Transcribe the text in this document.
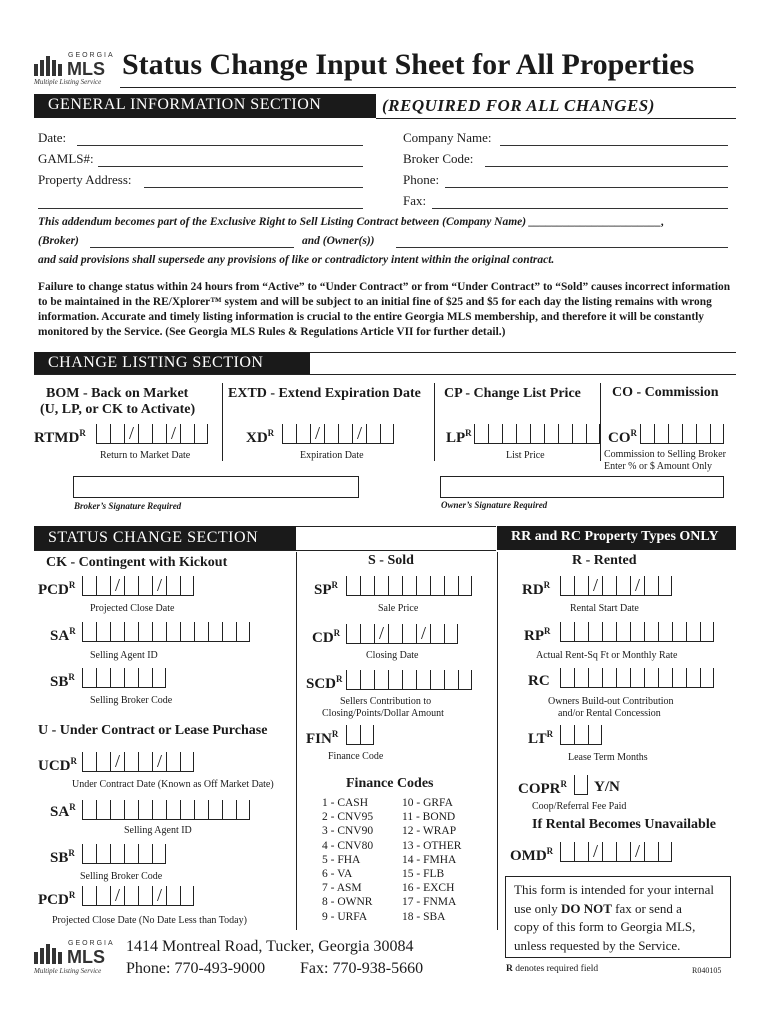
GEORGIA
MLS
Multiple Listing Service
Status Change Input Sheet for All Properties
GENERAL INFORMATION SECTION	(REQUIRED FOR ALL CHANGES)
Date:
GAMLS#:
Property Address:
Company Name:
Broker Code:
Phone:
Fax:
This addendum becomes part of the Exclusive Right to Sell Listing Contract between (Company Name) _______________________,
(Broker)	and (Owner(s))
and said provisions shall supersede any provisions of like or contradictory intent within the original contract.
Failure to change status within 24 hours from “Active” to “Under Contract” or from “Under Contract” to “Sold” causes incorrect information to be maintained in the RE/Xplorer™ system and will be subject to an initial fine of $25 and $5 for each day the listing remains with wrong information. Accurate and timely listing information is crucial to the entire Georgia MLS membership, and therefore it will be constantly monitored by the Service. (See Georgia MLS Rules & Regulations Article VII for further detail.)
CHANGE LISTING SECTION
BOM - Back on Market
(U, LP, or CK to Activate)
EXTD - Extend Expiration Date CP - Change List Price CO - Commission
$RTMD^R$ / /
Return to Market Date
$XD^R$ / /
Expiration Date
$LP^R$
List Price
$CO^R$
Commission to Selling Broker
Enter % or $ Amount Only
Broker’s Signature Required	Owner’s Signature Required
STATUS CHANGE SECTION	RR and RC Property Types ONLY
CK - Contingent with Kickout
$PCD^R$ / /
Projected Close Date
$SA^R$
Selling Agent ID
$SB^R$
Selling Broker Code
U - Under Contract or Lease Purchase
$UCD^R$ / /
Under Contract Date (Known as Off Market Date)
$SA^R$
Selling Agent ID
$SB^R$
Selling Broker Code
$PCD^R$ / /
Projected Close Date (No Date Less than Today)
S - Sold
$SP^R$
Sale Price
$CD^R$ / /
Closing Date
$SCD^R$
Sellers Contribution to
Closing/Points/Dollar Amount
$FIN^R$
Finance Code
Finance Codes
1 - CASH
2 - CNV95
3 - CNV90
4 - CNV80
5 - FHA
6 - VA
7 - ASM
8 - OWNR
9 - URFA
10 - GRFA
11 - BOND
12 - WRAP
13 - OTHER
14 - FMHA
15 - FLB
16 - EXCH
17 - FNMA
18 - SBA
R - Rented
$RD^R$ / /
Rental Start Date
$RP^R$
Actual Rent-Sq Ft or Monthly Rate
RC
Owners Build-out Contribution
and/or Rental Concession
$LT^R$
Lease Term Months
$COPR^R$ Y/N
Coop/Referral Fee Paid
If Rental Becomes Unavailable
$OMD^R$ / /
This form is intended for your internal
use only DO NOT fax or send a
copy of this form to Georgia MLS,
unless requested by the Service.
GEORGIA
MLS
Multiple Listing Service
1414 Montreal Road, Tucker, Georgia 30084
Phone: 770-493-9000 Fax: 770-938-5660	R denotes required field	R040105
